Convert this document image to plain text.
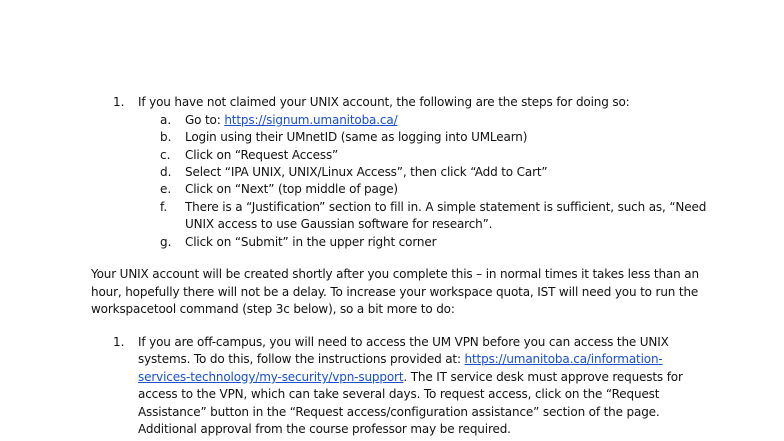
1. If you have not claimed your UNIX account, the following are the steps for doing so:
a. Go to: https://signum.umanitoba.ca/
b. Login using their UMnetID (same as logging into UMLearn)
c. Click on “Request Access”
d. Select “IPA UNIX, UNIX/Linux Access”, then click “Add to Cart”
e. Click on “Next” (top middle of page)
f. There is a “Justification” section to fill in. A simple statement is sufficient, such as, “Need
UNIX access to use Gaussian software for research”.
g. Click on “Submit” in the upper right corner
Your UNIX account will be created shortly after you complete this – in normal times it takes less than an
hour, hopefully there will not be a delay. To increase your workspace quota, IST will need you to run the
workspacetool command (step 3c below), so a bit more to do:
1. If you are off-campus, you will need to access the UM VPN before you can access the UNIX
systems. To do this, follow the instructions provided at: https://umanitoba.ca/information-
services-technology/my-security/vpn-support. The IT service desk must approve requests for
access to the VPN, which can take several days. To request access, click on the “Request
Assistance” button in the “Request access/configuration assistance” section of the page.
Additional approval from the course professor may be required.
